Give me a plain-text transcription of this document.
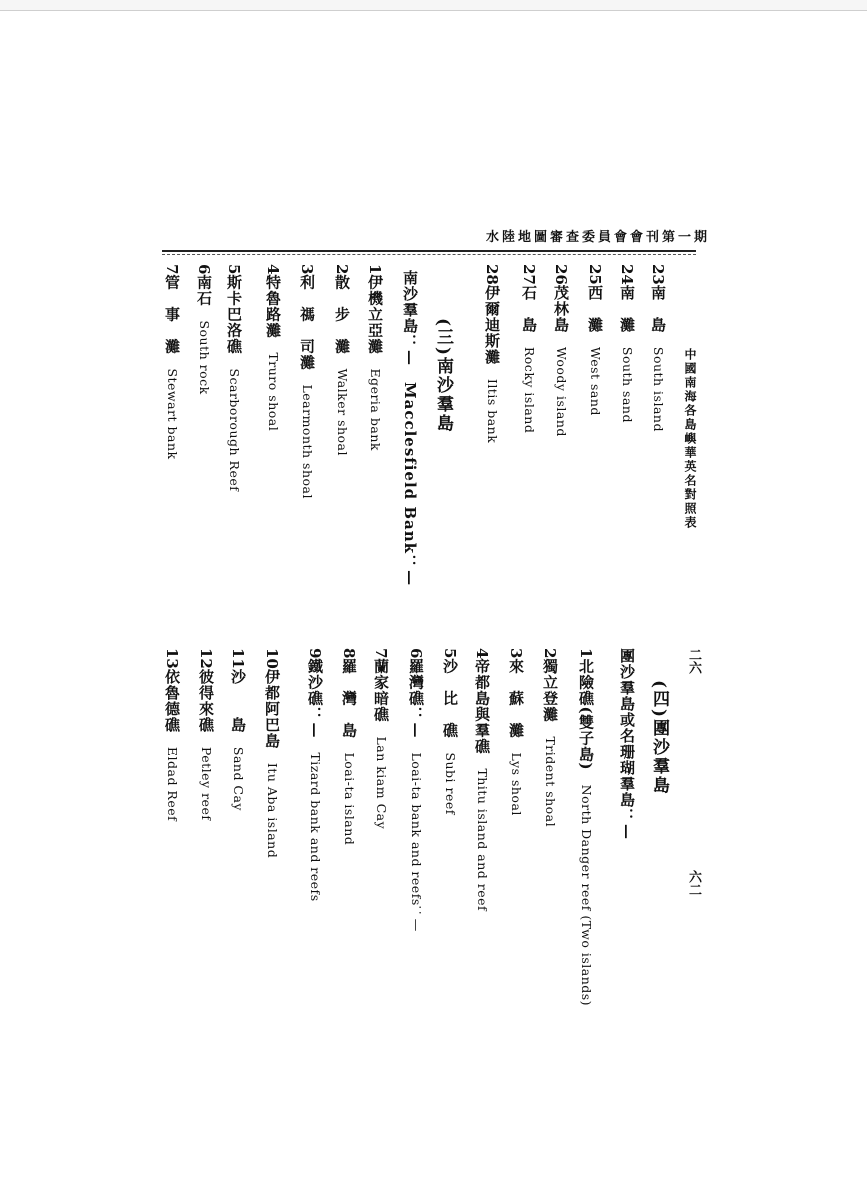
水陸地圖審查委員會會刊第一期
中國南海各島嶼華英名對照表
二六
六二
23南　島South island
24南　灘South sand
25西　灘West sand
26茂林島Woody island
27石　島Rocky island
28伊爾迪斯灘Iltis bank
(三)南沙羣島
南沙羣島：—　Macclesfield Bank：—
1伊機立亞灘Egeria bank
2散　步　灘Walker shoal
3利　禡　司灘Learmonth shoal
4特魯路灘Truro shoal
5斯卡巴洛礁Scarborough Reef
6南石South rock
7管　事　灘Stewart bank
(四)團沙羣島
團沙羣島或名珊瑚羣島：—
1北險礁(雙子島)North Danger reef (Two islands)
2獨立登灘Trident shoal
3來　蘇　灘Lys shoal
4帝都島與羣礁Thitu island and reef
5沙　比　礁Subi reef
6羅灣礁：—Loai-ta bank and reefs：—
7蘭家暗礁Lan kiam Cay
8羅　灣　島Loai-ta island
9鐵沙礁：—Tizard bank and reefs
10伊都阿巴島Itu Aba island
11沙　　島Sand Cay
12彼得來礁Petley reef
13依魯德礁Eldad Reef
